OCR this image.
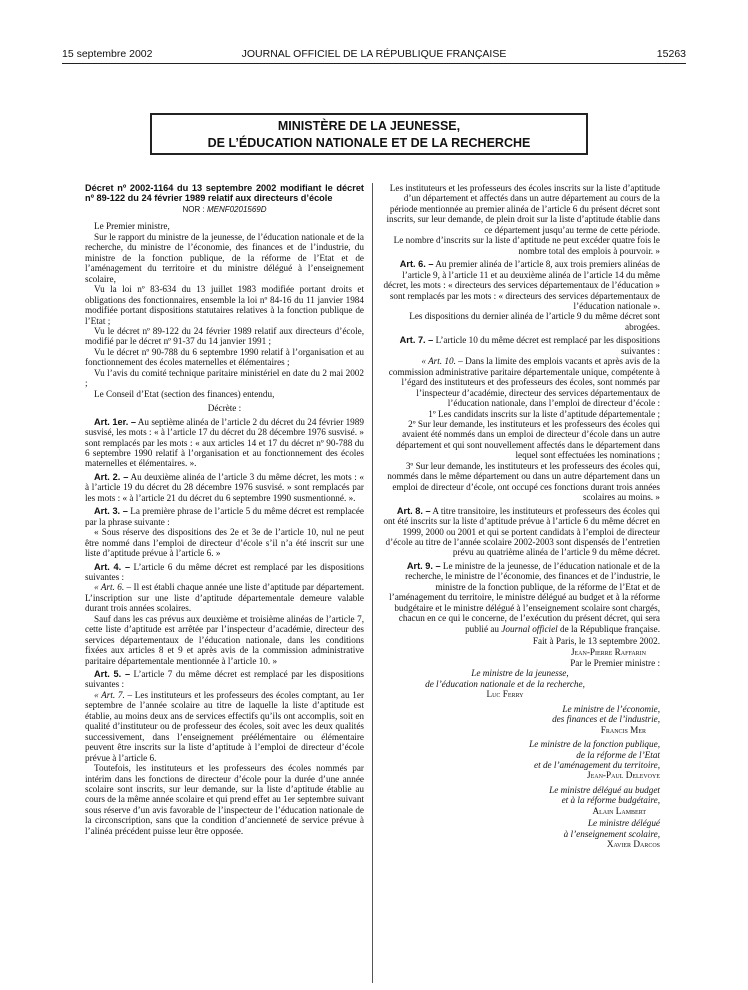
15 septembre 2002	JOURNAL OFFICIEL DE LA RÉPUBLIQUE FRANÇAISE	15263
MINISTÈRE DE LA JEUNESSE,
DE L’ÉDUCATION NATIONALE ET DE LA RECHERCHE

Décret nº 2002-1164 du 13 septembre 2002 modifiant le décret nº 89-122 du 24 février 1989 relatif aux directeurs d’école

NOR : MENF0201569D

Le Premier ministre,

Sur le rapport du ministre de la jeunesse, de l’éducation nationale et de la recherche, du ministre de l’économie, des finances et de l’industrie, du ministre de la fonction publique, de la réforme de l’Etat et de l’aménagement du territoire et du ministre délégué à l’enseignement scolaire,

Vu la loi nº 83-634 du 13 juillet 1983 modifiée portant droits et obligations des fonctionnaires, ensemble la loi nº 84-16 du 11 janvier 1984 modifiée portant dispositions statutaires relatives à la fonction publique de l’Etat ;

Vu le décret nº 89-122 du 24 février 1989 relatif aux directeurs d’école, modifié par le décret nº 91-37 du 14 janvier 1991 ;

Vu le décret nº 90-788 du 6 septembre 1990 relatif à l’organisation et au fonctionnement des écoles maternelles et élémentaires ;

Vu l’avis du comité technique paritaire ministériel en date du 2 mai 2002 ;

Le Conseil d’Etat (section des finances) entendu,

Décrète :

Art. 1er. – Au septième alinéa de l’article 2 du décret du 24 février 1989 susvisé, les mots : « à l’article 17 du décret du 28 décembre 1976 susvisé. » sont remplacés par les mots : « aux articles 14 et 17 du décret nº 90-788 du 6 septembre 1990 relatif à l’organisation et au fonctionnement des écoles maternelles et élémentaires. ».

Art. 2. – Au deuxième alinéa de l’article 3 du même décret, les mots : « à l’article 19 du décret du 28 décembre 1976 susvisé. » sont remplacés par les mots : « à l’article 21 du décret du 6 septembre 1990 susmentionné. ».

Art. 3. – La première phrase de l’article 5 du même décret est remplacée par la phrase suivante :

« Sous réserve des dispositions des 2e et 3e de l’article 10, nul ne peut être nommé dans l’emploi de directeur d’école s’il n’a été inscrit sur une liste d’aptitude prévue à l’article 6. »

Art. 4. – L’article 6 du même décret est remplacé par les dispositions suivantes :

« Art. 6. – Il est établi chaque année une liste d’aptitude par département. L’inscription sur une liste d’aptitude départementale demeure valable durant trois années scolaires.

Sauf dans les cas prévus aux deuxième et troisième alinéas de l’article 7, cette liste d’aptitude est arrêtée par l’inspecteur d’académie, directeur des services départementaux de l’éducation nationale, dans les conditions fixées aux articles 8 et 9 et après avis de la commission administrative paritaire départementale mentionnée à l’article 10. »

Art. 5. – L’article 7 du même décret est remplacé par les dispositions suivantes :

« Art. 7. – Les instituteurs et les professeurs des écoles comptant, au 1er septembre de l’année scolaire au titre de laquelle la liste d’aptitude est établie, au moins deux ans de services effectifs qu’ils ont accomplis, soit en qualité d’instituteur ou de professeur des écoles, soit avec les deux qualités successivement, dans l’enseignement préélémentaire ou élémentaire peuvent être inscrits sur la liste d’aptitude à l’emploi de directeur d’école prévue à l’article 6.

Toutefois, les instituteurs et les professeurs des écoles nommés par intérim dans les fonctions de directeur d’école pour la durée d’une année scolaire sont inscrits, sur leur demande, sur la liste d’aptitude établie au cours de la même année scolaire et qui prend effet au 1er septembre suivant sous réserve d’un avis favorable de l’inspecteur de l’éducation nationale de la circonscription, sans que la condition d’ancienneté de service prévue à l’alinéa précédent puisse leur être opposée.

Les instituteurs et les professeurs des écoles inscrits sur la liste d’aptitude d’un département et affectés dans un autre département au cours de la période mentionnée au premier alinéa de l’article 6 du présent décret sont inscrits, sur leur demande, de plein droit sur la liste d’aptitude établie dans ce département jusqu’au terme de cette période.

Le nombre d’inscrits sur la liste d’aptitude ne peut excéder quatre fois le nombre total des emplois à pourvoir. »

Art. 6. – Au premier alinéa de l’article 8, aux trois premiers alinéas de l’article 9, à l’article 11 et au deuxième alinéa de l’article 14 du même décret, les mots : « directeurs des services départementaux de l’éducation » sont remplacés par les mots : « directeurs des services départementaux de l’éducation nationale ».

Les dispositions du dernier alinéa de l’article 9 du même décret sont abrogées.

Art. 7. – L’article 10 du même décret est remplacé par les dispositions suivantes :

« Art. 10. – Dans la limite des emplois vacants et après avis de la commission administrative paritaire départementale unique, compétente à l’égard des instituteurs et des professeurs des écoles, sont nommés par l’inspecteur d’académie, directeur des services départementaux de l’éducation nationale, dans l’emploi de directeur d’école :

1º Les candidats inscrits sur la liste d’aptitude départementale ;

2º Sur leur demande, les instituteurs et les professeurs des écoles qui avaient été nommés dans un emploi de directeur d’école dans un autre département et qui sont nouvellement affectés dans le département dans lequel sont effectuées les nominations ;

3º Sur leur demande, les instituteurs et les professeurs des écoles qui, nommés dans le même département ou dans un autre département dans un emploi de directeur d’école, ont occupé ces fonctions durant trois années scolaires au moins. »

Art. 8. – A titre transitoire, les instituteurs et professeurs des écoles qui ont été inscrits sur la liste d’aptitude prévue à l’article 6 du même décret en 1999, 2000 ou 2001 et qui se portent candidats à l’emploi de directeur d’école au titre de l’année scolaire 2002-2003 sont dispensés de l’entretien prévu au quatrième alinéa de l’article 9 du même décret.

Art. 9. – Le ministre de la jeunesse, de l’éducation nationale et de la recherche, le ministre de l’économie, des finances et de l’industrie, le ministre de la fonction publique, de la réforme de l’Etat et de l’aménagement du territoire, le ministre délégué au budget et à la réforme budgétaire et le ministre délégué à l’enseignement scolaire sont chargés, chacun en ce qui le concerne, de l’exécution du présent décret, qui sera publié au Journal officiel de la République française.

Fait à Paris, le 13 septembre 2002.

Jean-Pierre Raffarin

Par le Premier ministre :

Le ministre de la jeunesse,

de l’éducation nationale et de la recherche,

Luc Ferry

Le ministre de l’économie,

des finances et de l’industrie,

Francis Mer

Le ministre de la fonction publique,

de la réforme de l’Etat

et de l’aménagement du territoire,

Jean-Paul Delevoye

Le ministre délégué au budget

et à la réforme budgétaire,

Alain Lambert

Le ministre délégué

à l’enseignement scolaire,

Xavier Darcos
